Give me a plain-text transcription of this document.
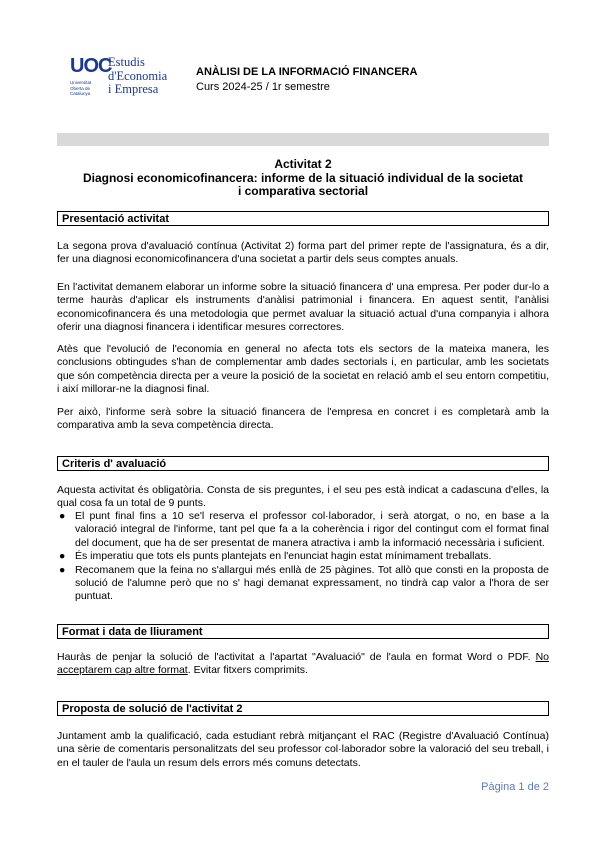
UOC
Universitat Oberta de Catalunya
Estudis
d'Economia
i Empresa
ANÀLISI DE LA INFORMACIÓ FINANCERA
Curs 2024-25 / 1r semestre
Activitat 2
Diagnosi economicofinancera: informe de la situació individual de la societat
i comparativa sectorial
Presentació activitat

La segona prova d'avaluació contínua (Activitat 2) forma part del primer repte de l'assignatura, és a dir, fer una diagnosi economicofinancera d'una societat a partir dels seus comptes anuals.

En l'activitat demanem elaborar un informe sobre la situació financera d' una empresa. Per poder dur-lo a terme hauràs d'aplicar els instruments d'anàlisi patrimonial i financera. En aquest sentit, l'anàlisi economicofinancera és una metodologia que permet avaluar la situació actual d'una companyia i alhora oferir una diagnosi financera i identificar mesures correctores.

Atès que l'evolució de l'economia en general no afecta tots els sectors de la mateixa manera, les conclusions obtingudes s'han de complementar amb dades sectorials i, en particular, amb les societats que són competència directa per a veure la posició de la societat en relació amb el seu entorn competitiu, i així millorar-ne la diagnosi final.

Per això, l'informe serà sobre la situació financera de l'empresa en concret i es completarà amb la comparativa amb la seva competència directa.

Criteris d' avaluació

Aquesta activitat és obligatòria. Consta de sis preguntes, i el seu pes està indicat a cadascuna d'elles, la qual cosa fa un total de 9 punts.

● El punt final fins a 10 se'l reserva el professor col·laborador, i serà atorgat, o no, en base a la valoració integral de l'informe, tant pel que fa a la coherència i rigor del contingut com el format final del document, que ha de ser presentat de manera atractiva i amb la informació necessària i suficient.
● És imperatiu que tots els punts plantejats en l'enunciat hagin estat mínimament treballats.
● Recomanem que la feina no s'allargui més enllà de 25 pàgines. Tot allò que consti en la proposta de solució de l'alumne però que no s' hagi demanat expressament, no tindrà cap valor a l'hora de ser puntuat.
Format i data de lliurament

Hauràs de penjar la solució de l'activitat a l'apartat "Avaluació" de l'aula en format Word o PDF. No acceptarem cap altre format. Evitar fitxers comprimits.

Proposta de solució de l'activitat 2

Juntament amb la qualificació, cada estudiant rebrà mitjançant el RAC (Registre d'Avaluació Contínua) una sèrie de comentaris personalitzats del seu professor col·laborador sobre la valoració del seu treball, i en el tauler de l'aula un resum dels errors més comuns detectats.

Pàgina 1 de 2
